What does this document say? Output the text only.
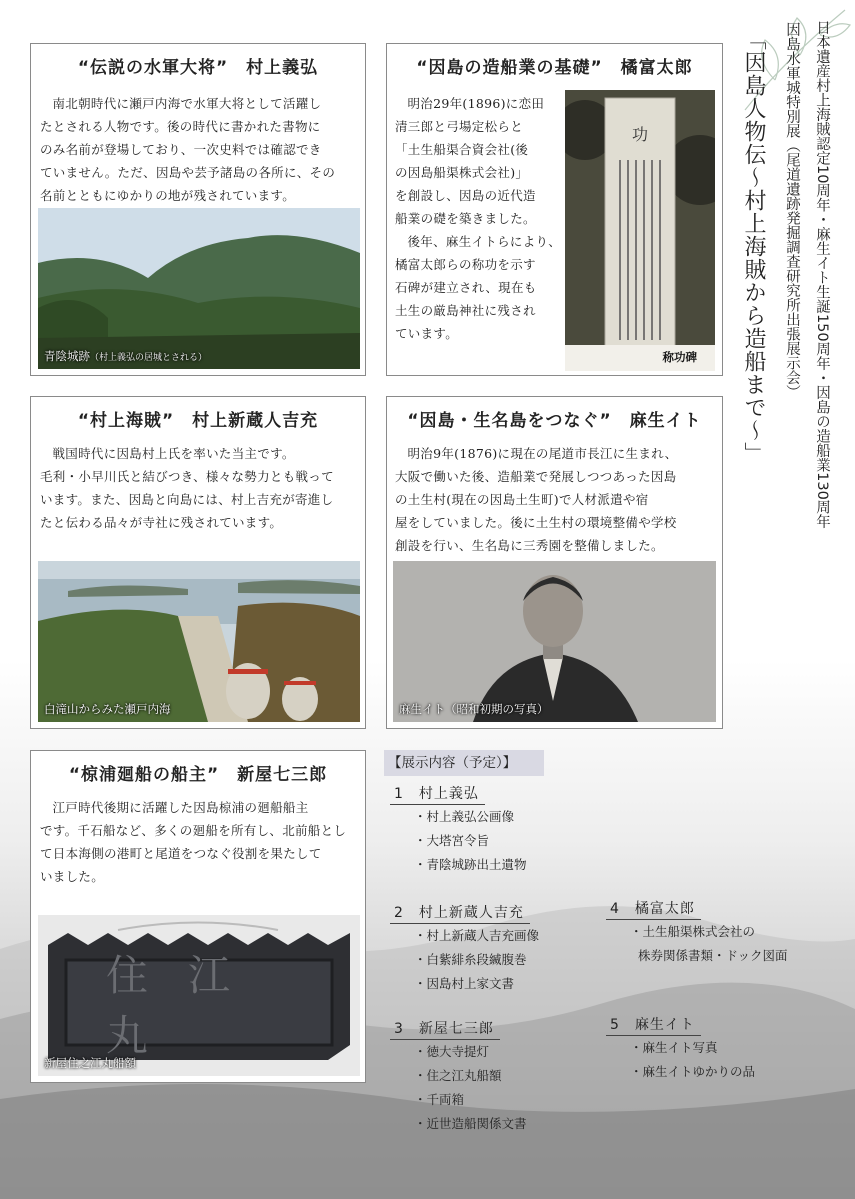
“伝説の水軍大将”　村上義弘

南北朝時代に瀬戸内海で水軍大将として活躍し

たとされる人物です。後の時代に書かれた書物に
のみ名前が登場しており、一次史料では確認でき
ていません。ただ、因島や芸予諸島の各所に、その
名前とともにゆかりの地が残されています。
青陰城跡（村上義弘の居城とされる）
“因島の造船業の基礎”　橘富太郎

明治29年(1896)に恋田

清三郎と弓場定松らと
「土生船渠合資会社(後
の因島船渠株式会社)」
を創設し、因島の近代造
船業の礎を築きました。

後年、麻生イトらにより、

橘富太郎らの称功を示す
石碑が建立され、現在も
土生の厳島神社に残され
ています。
功
称功碑
“村上海賊”　村上新蔵人吉充

戦国時代に因島村上氏を率いた当主です。

毛利・小早川氏と結びつき、様々な勢力とも戦って
います。また、因島と向島には、村上吉充が寄進し
たと伝わる品々が寺社に残されています。
白滝山からみた瀬戸内海
“因島・生名島をつなぐ”　麻生イト

明治9年(1876)に現在の尾道市長江に生まれ、

大阪で働いた後、造船業で発展しつつあった因島
の土生村(現在の因島土生町)で人材派遣や宿
屋をしていました。後に土生村の環境整備や学校
創設を行い、生名島に三秀園を整備しました。
麻生イト（昭和初期の写真）
“椋浦廻船の船主”　新屋七三郎

江戸時代後期に活躍した因島椋浦の廻船船主

です。千石船など、多くの廻船を所有し、北前船とし
て日本海側の港町と尾道をつなぐ役割を果たして
いました。
住江丸
新屋住之江丸船額
日本遺産村上海賊認定10周年・麻生イト生誕150周年・因島の造船業130周年
因島水軍城特別展（尾道遺跡発掘調査研究所出張展示会）
「因島人物伝～村上海賊から造船まで～」
【展示内容（予定）】
1　村上義弘
・村上義弘公画像
・大塔宮令旨
・青陰城跡出土遺物
2　村上新蔵人吉充
・村上新蔵人吉充画像
・白紫緋糸段縅腹巻
・因島村上家文書
3　新屋七三郎
・徳大寺提灯
・住之江丸船額
・千両箱
・近世造船関係文書
4　橘富太郎
・土生船渠株式会社の
株券関係書類・ドック図面
5　麻生イト
・麻生イト写真
・麻生イトゆかりの品
